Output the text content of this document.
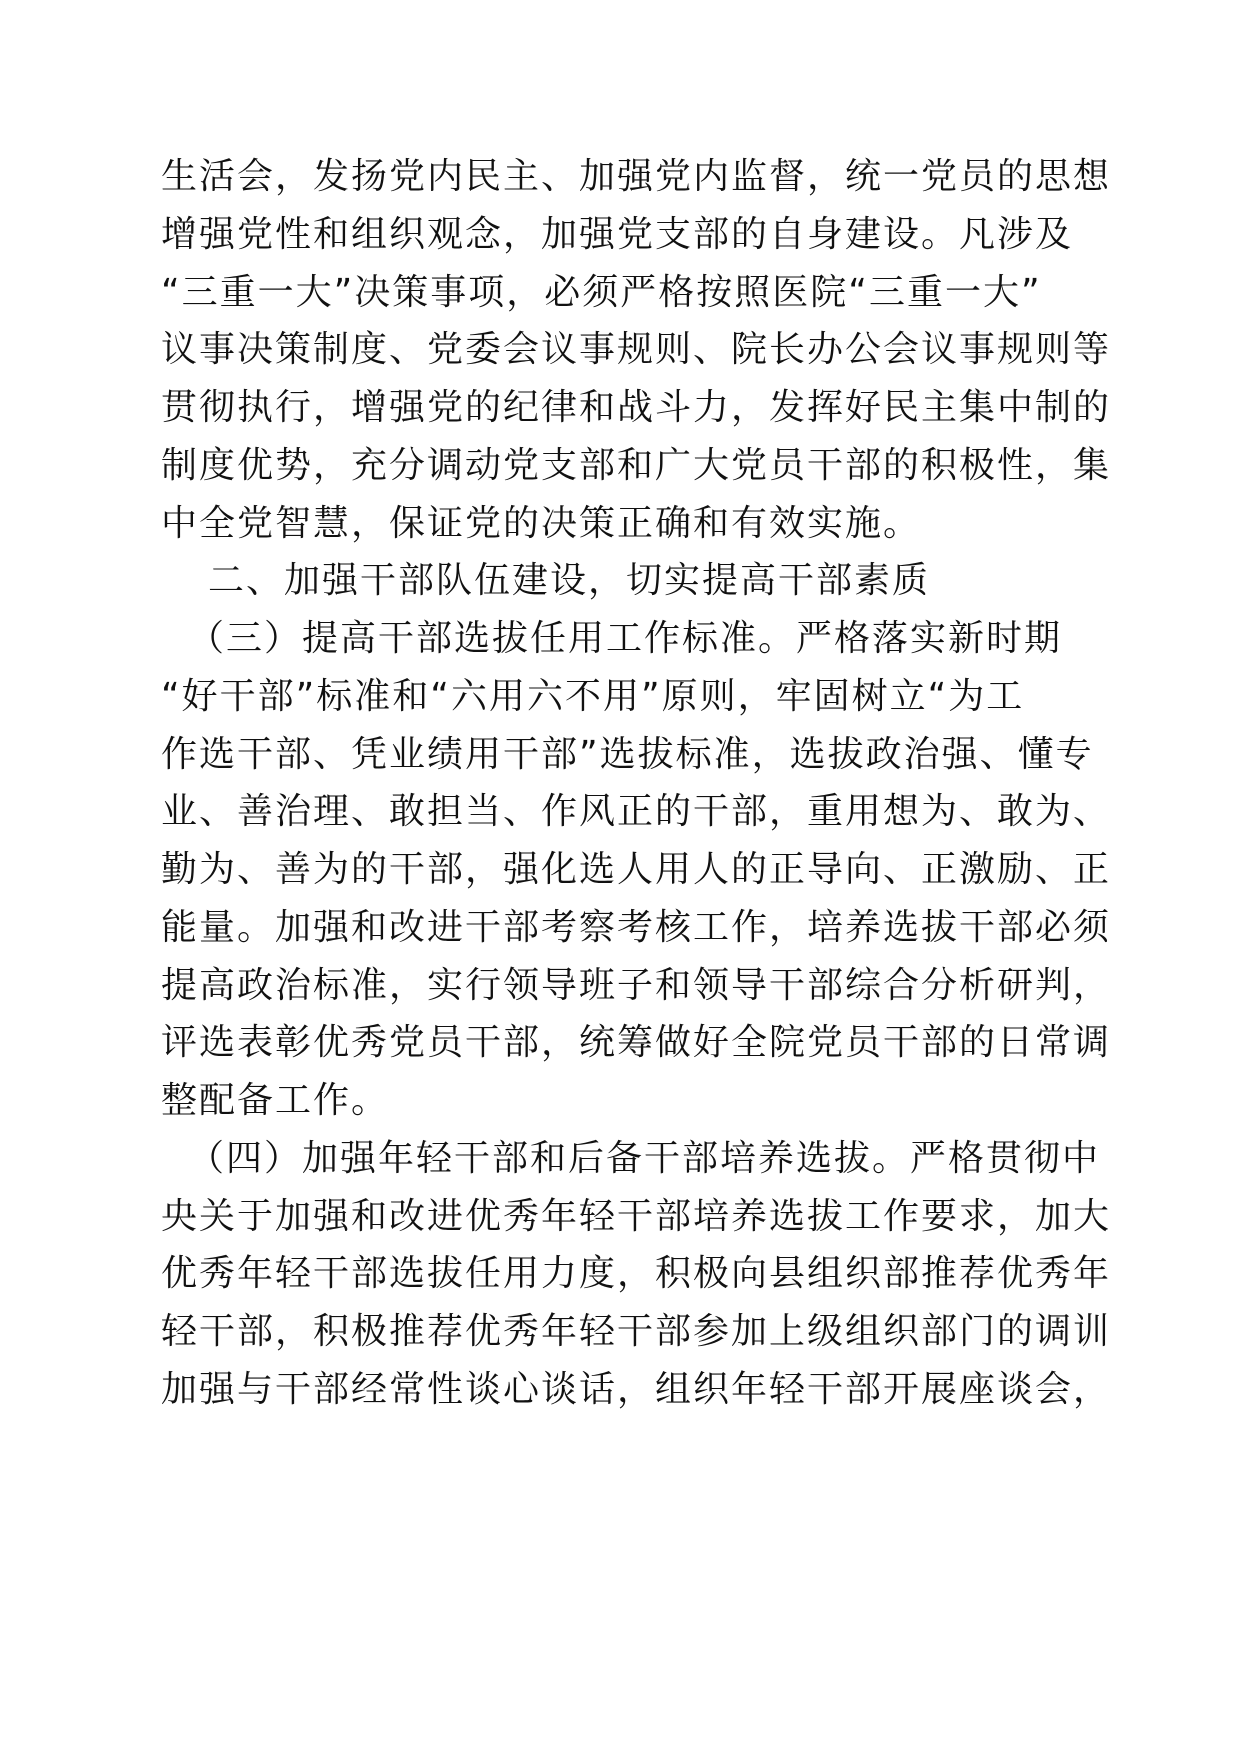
生活会，发扬党内民主、加强党内监督，统一党员的思想
增强党性和组织观念，加强党支部的自身建设。凡涉及
“三重一大”决策事项，必须严格按照医院“三重一大”
议事决策制度、党委会议事规则、院长办公会议事规则等
贯彻执行，增强党的纪律和战斗力，发挥好民主集中制的
制度优势，充分调动党支部和广大党员干部的积极性，集
中全党智慧，保证党的决策正确和有效实施。
二、加强干部队伍建设，切实提高干部素质
（三）提高干部选拔任用工作标准。严格落实新时期
“好干部”标准和“六用六不用”原则，牢固树立“为工
作选干部、凭业绩用干部”选拔标准，选拔政治强、懂专
业、善治理、敢担当、作风正的干部，重用想为、敢为、
勤为、善为的干部，强化选人用人的正导向、正激励、正
能量。加强和改进干部考察考核工作，培养选拔干部必须
提高政治标准，实行领导班子和领导干部综合分析研判，
评选表彰优秀党员干部，统筹做好全院党员干部的日常调
整配备工作。
（四）加强年轻干部和后备干部培养选拔。严格贯彻中
央关于加强和改进优秀年轻干部培养选拔工作要求，加大
优秀年轻干部选拔任用力度，积极向县组织部推荐优秀年
轻干部，积极推荐优秀年轻干部参加上级组织部门的调训
加强与干部经常性谈心谈话，组织年轻干部开展座谈会，
